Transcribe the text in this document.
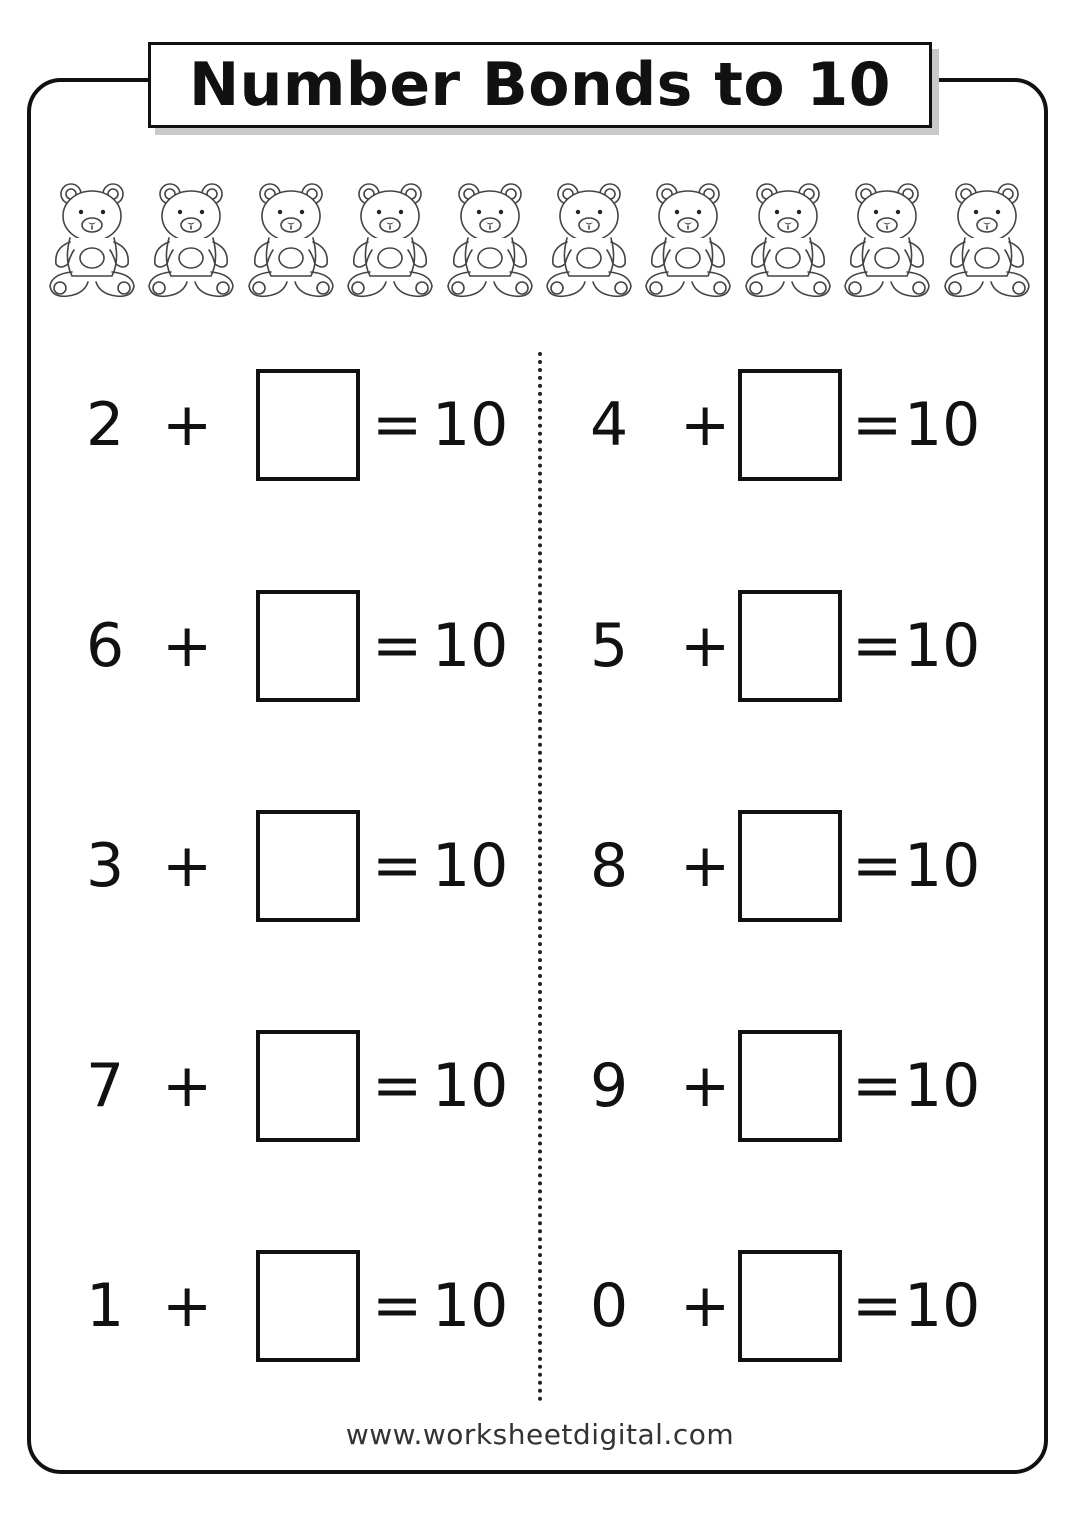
Number Bonds to 10
2 +	= 10
6 +	= 10
3 +	= 10
7 +	= 10
1 +	= 10
4 + = 10
5 + = 10
8 + = 10
9 + = 10
0 + = 10
www.worksheetdigital.com
